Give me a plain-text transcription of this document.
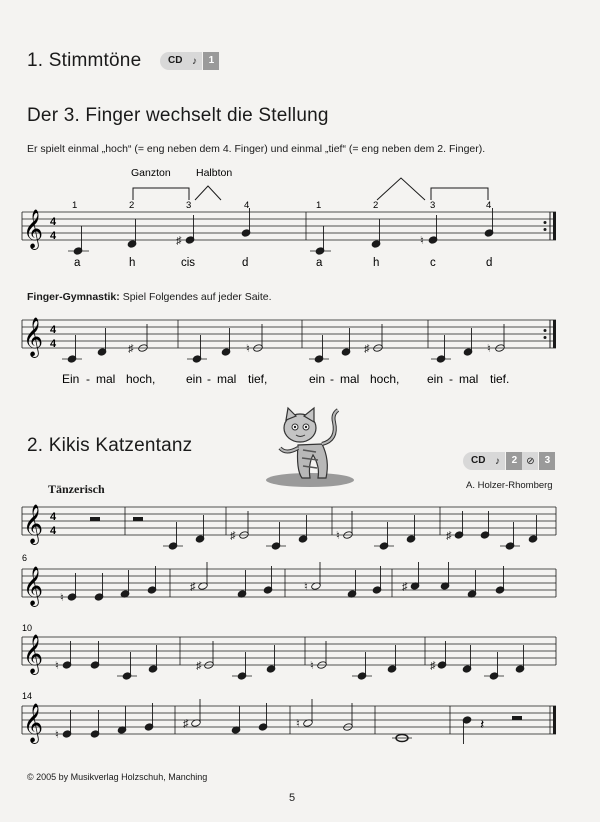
1. Stimmtöne	CD ♪	1
Der 3. Finger wechselt die Stellung
Er spielt einmal „hoch“ (= eng neben dem 4. Finger) und einmal „tief“ (= eng neben dem 2. Finger).
Ganzton Halbton
1	2	3	4	1	2	3	4
𝄞 4
4	♯	♮
a	h	cis	d	a	h	c	d
Finger-Gymnastik: Spiel Folgendes auf jeder Saite.
𝄞 4
4	♯	♮	♯	♮
Ein - mal hoch,	ein - mal tief,	ein - mal hoch, ein - mal tief.
2. Kikis Katzentanz
CD ♪	2 ⊘	3
Tänzerisch	A. Holzer-Rhomberg
𝄞 4
4	♯	♮	♯
6
𝄞 ♮
♯	♮	♯
10
𝄞 ♮	♯	♮	♯
14
𝄞 ♮
♯	♮	𝄽
© 2005 by Musikverlag Holzschuh, Manching
5
